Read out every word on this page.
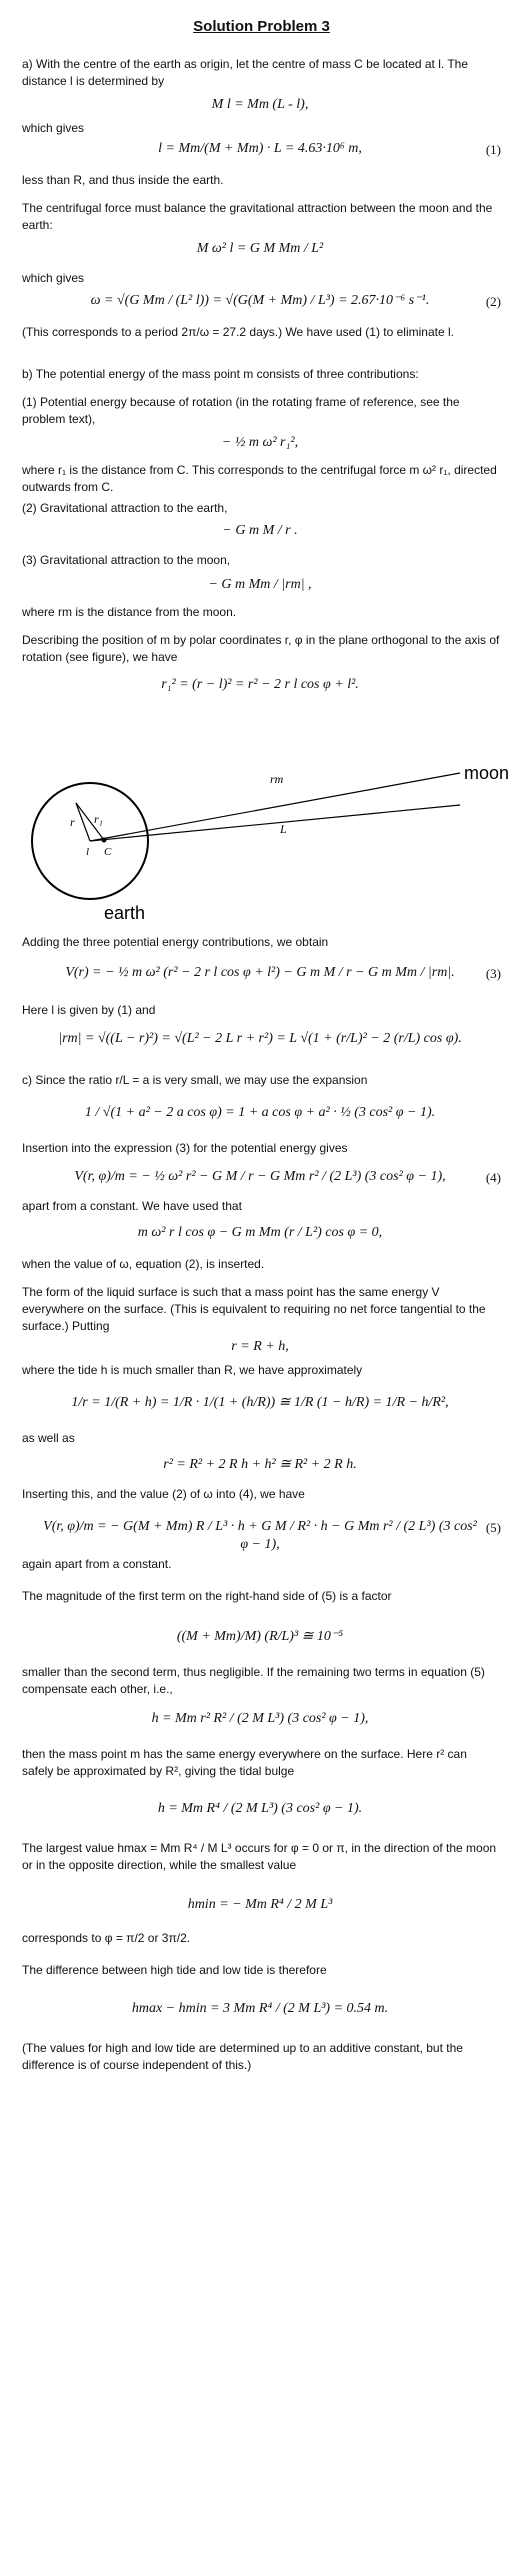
Solution Problem 3
a) With the centre of the earth as origin, let the centre of mass C be located at l. The distance l is determined by
M l = Mm (L - l),
which gives
l = Mm/(M + Mm) · L = 4.63·10⁶ m,	(1)
less than R, and thus inside the earth.
The centrifugal force must balance the gravitational attraction between the moon and the earth:
M ω² l = G M Mm / L²
which gives
ω = √(G Mm / (L² l)) = √(G(M + Mm) / L³) = 2.67·10⁻⁶ s⁻¹.	(2)
(This corresponds to a period 2π/ω = 27.2 days.) We have used (1) to eliminate l.
b) The potential energy of the mass point m consists of three contributions:
(1) Potential energy because of rotation (in the rotating frame of reference, see the problem text),
− ½ m ω² r₁²,
where r₁ is the distance from C. This corresponds to the centrifugal force m ω² r₁, directed outwards from C.
(2) Gravitational attraction to the earth,
− G m M / r .
(3) Gravitational attraction to the moon,
− G m Mm / |rm| ,
where rm is the distance from the moon.
Describing the position of m by polar coordinates r, φ in the plane orthogonal to the axis of rotation (see figure), we have
r₁² = (r − l)² = r² − 2 r l cos φ + l².
r r₁
l C
rm
L
moon
earth
Adding the three potential energy contributions, we obtain
V(r) = − ½ m ω² (r² − 2 r l cos φ + l²) − G m M / r − G m Mm / |rm|.	(3)
Here l is given by (1) and
|rm| = √((L − r)²) = √(L² − 2 L r + r²) = L √(1 + (r/L)² − 2 (r/L) cos φ).
c) Since the ratio r/L = a is very small, we may use the expansion
1 / √(1 + a² − 2 a cos φ) = 1 + a cos φ + a² · ½ (3 cos² φ − 1).
Insertion into the expression (3) for the potential energy gives
V(r, φ)/m = − ½ ω² r² − G M / r − G Mm r² / (2 L³) (3 cos² φ − 1),	(4)
apart from a constant. We have used that
m ω² r l cos φ − G m Mm (r / L²) cos φ = 0,
when the value of ω, equation (2), is inserted.
The form of the liquid surface is such that a mass point has the same energy V everywhere on the surface. (This is equivalent to requiring no net force tangential to the surface.) Putting
r = R + h,
where the tide h is much smaller than R, we have approximately
1/r = 1/(R + h) = 1/R · 1/(1 + (h/R)) ≅ 1/R (1 − h/R) = 1/R − h/R²,
as well as
r² = R² + 2 R h + h² ≅ R² + 2 R h.
Inserting this, and the value (2) of ω into (4), we have
V(r, φ)/m = − G(M + Mm) R / L³ · h + G M / R² · h − G Mm r² / (2 L³) (3 cos² φ − 1),
(5)
again apart from a constant.
The magnitude of the first term on the right-hand side of (5) is a factor
((M + Mm)/M) (R/L)³ ≅ 10⁻⁵
smaller than the second term, thus negligible. If the remaining two terms in equation (5) compensate each other, i.e.,
h = Mm r² R² / (2 M L³) (3 cos² φ − 1),
then the mass point m has the same energy everywhere on the surface. Here r² can safely be approximated by R², giving the tidal bulge
h = Mm R⁴ / (2 M L³) (3 cos² φ − 1).
The largest value hmax = Mm R⁴ / M L³ occurs for φ = 0 or π, in the direction of the moon or in the opposite direction, while the smallest value
hmin = − Mm R⁴ / 2 M L³
corresponds to φ = π/2 or 3π/2.
The difference between high tide and low tide is therefore
hmax − hmin = 3 Mm R⁴ / (2 M L³) = 0.54 m.
(The values for high and low tide are determined up to an additive constant, but the difference is of course independent of this.)
